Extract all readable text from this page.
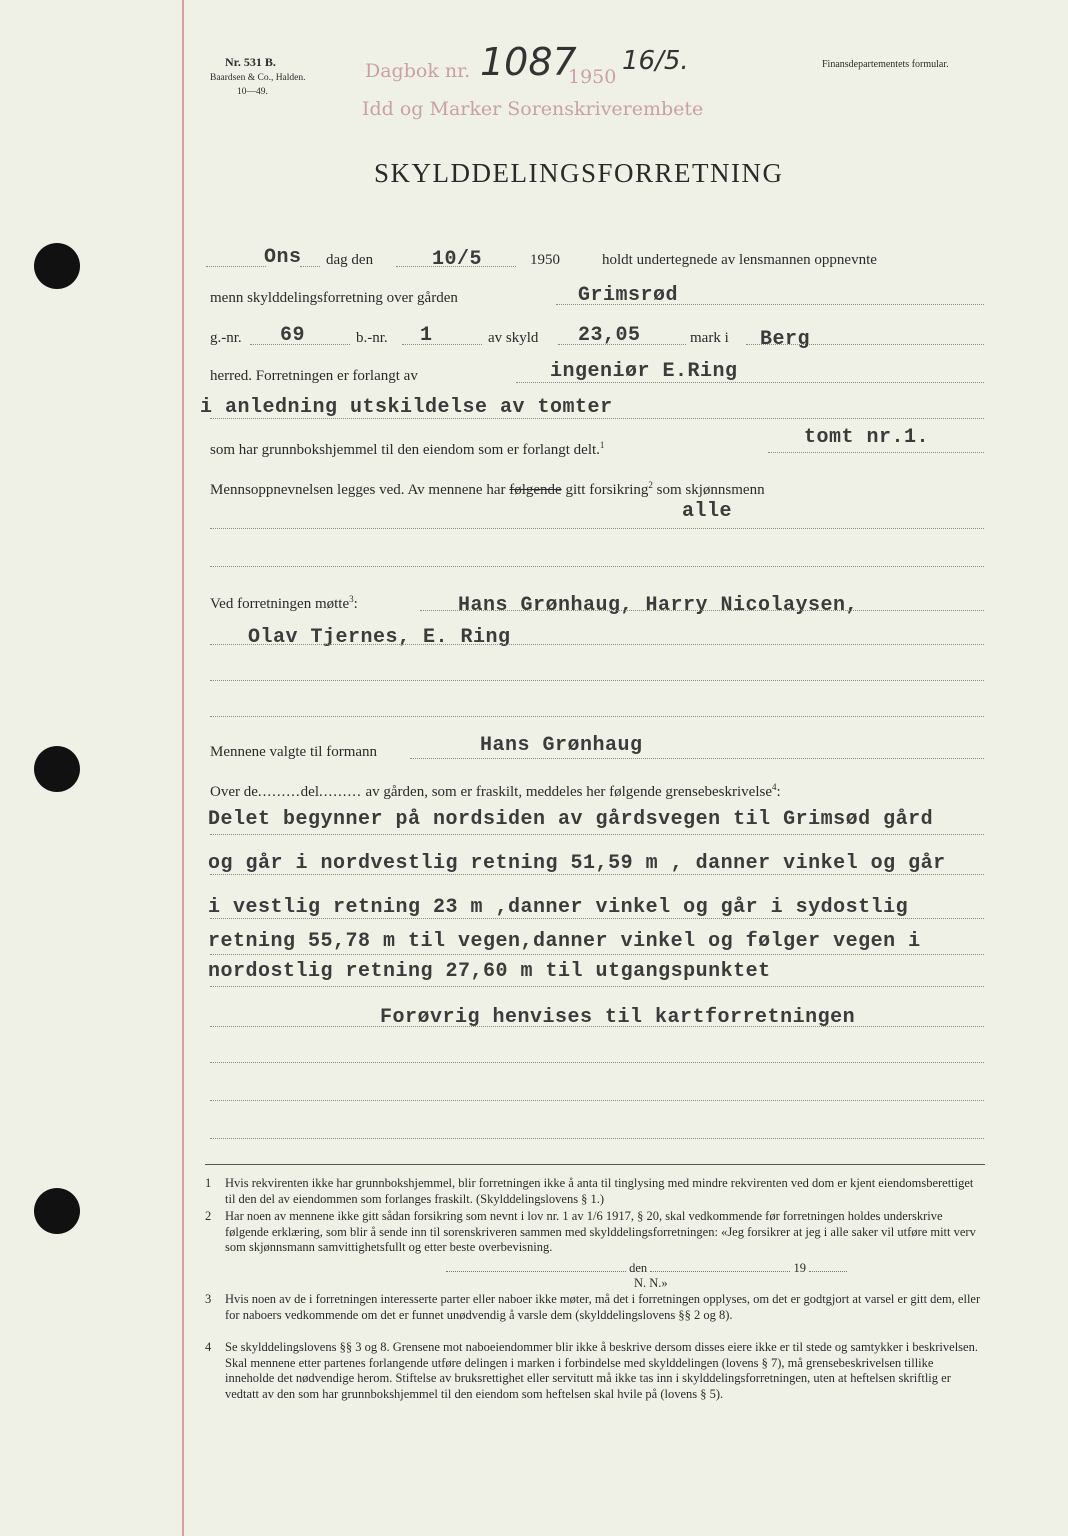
Nr. 531 B.
Baardsen & Co., Halden.
10—49.
Finansdepartementets formular.
Dagbok nr. 1087
1950
16/5.
Idd og Marker Sorenskriverembete
SKYLDDELINGSFORRETNING
Ons dag den	10/5	1950	holdt undertegnede av lensmannen oppnevnte
menn skylddelingsforretning over gården	Grimsrød
g.-nr. 69	b.-nr. 1	av skyld 23,05	mark i Berg
herred. Forretningen er forlangt av	ingeniør E.Ring
i anledning utskildelse av tomter
som har grunnbokshjemmel til den eiendom som er forlangt delt.$^1$	tomt nr.1.
Mennsoppnevnelsen legges ved. Av mennene har følgende gitt forsikring$^2$ som skjønnsmenn
alle
Ved forretningen møtte$^3$:	Hans Grønhaug, Harry Nicolaysen,
Olav Tjernes, E. Ring
Mennene valgte til formann	Hans Grønhaug
Over de.........del......... av gården, som er fraskilt, meddeles her følgende grensebeskrivelse$^4$:
Delet begynner på nordsiden av gårdsvegen til Grimsød gård
og går i nordvestlig retning 51,59 m , danner vinkel og går
i vestlig retning 23 m ,danner vinkel og går i sydostlig
retning 55,78 m til vegen,danner vinkel og følger vegen i
nordostlig retning 27,60 m til utgangspunktet
Forøvrig henvises til kartforretningen
1 Hvis rekvirenten ikke har grunnbokshjemmel, blir forretningen ikke å anta til tinglysing med mindre rekvirenten ved dom er kjent eiendomsberettiget til den del av eiendommen som forlanges fraskilt. (Skylddelingslovens § 1.)
2 Har noen av mennene ikke gitt sådan forsikring som nevnt i lov nr. 1 av 1/6 1917, § 20, skal vedkommende før forretningen holdes underskrive følgende erklæring, som blir å sende inn til sorenskriveren sammen med skylddelingsforretningen: «Jeg forsikrer at jeg i alle saker vil utføre mitt verv som skjønnsmann samvittighetsfullt og etter beste overbevisning.
den	19
N. N.»
3 Hvis noen av de i forretningen interesserte parter eller naboer ikke møter, må det i forretningen opplyses, om det er godtgjort at varsel er gitt dem, eller for naboers vedkommende om det er funnet unødvendig å varsle dem (skylddelingslovens §§ 2 og 8).
4 Se skylddelingslovens §§ 3 og 8. Grensene mot naboeiendommer blir ikke å beskrive dersom disses eiere ikke er til stede og samtykker i beskrivelsen. Skal mennene etter partenes forlangende utføre delingen i marken i forbindelse med skylddelingen (lovens § 7), må grensebeskrivelsen tillike inneholde det nødvendige herom. Stiftelse av bruksrettighet eller servitutt må ikke tas inn i skylddelingsforretningen, uten at heftelsen skriftlig er vedtatt av den som har grunnbokshjemmel til den eiendom som heftelsen skal hvile på (lovens § 5).
